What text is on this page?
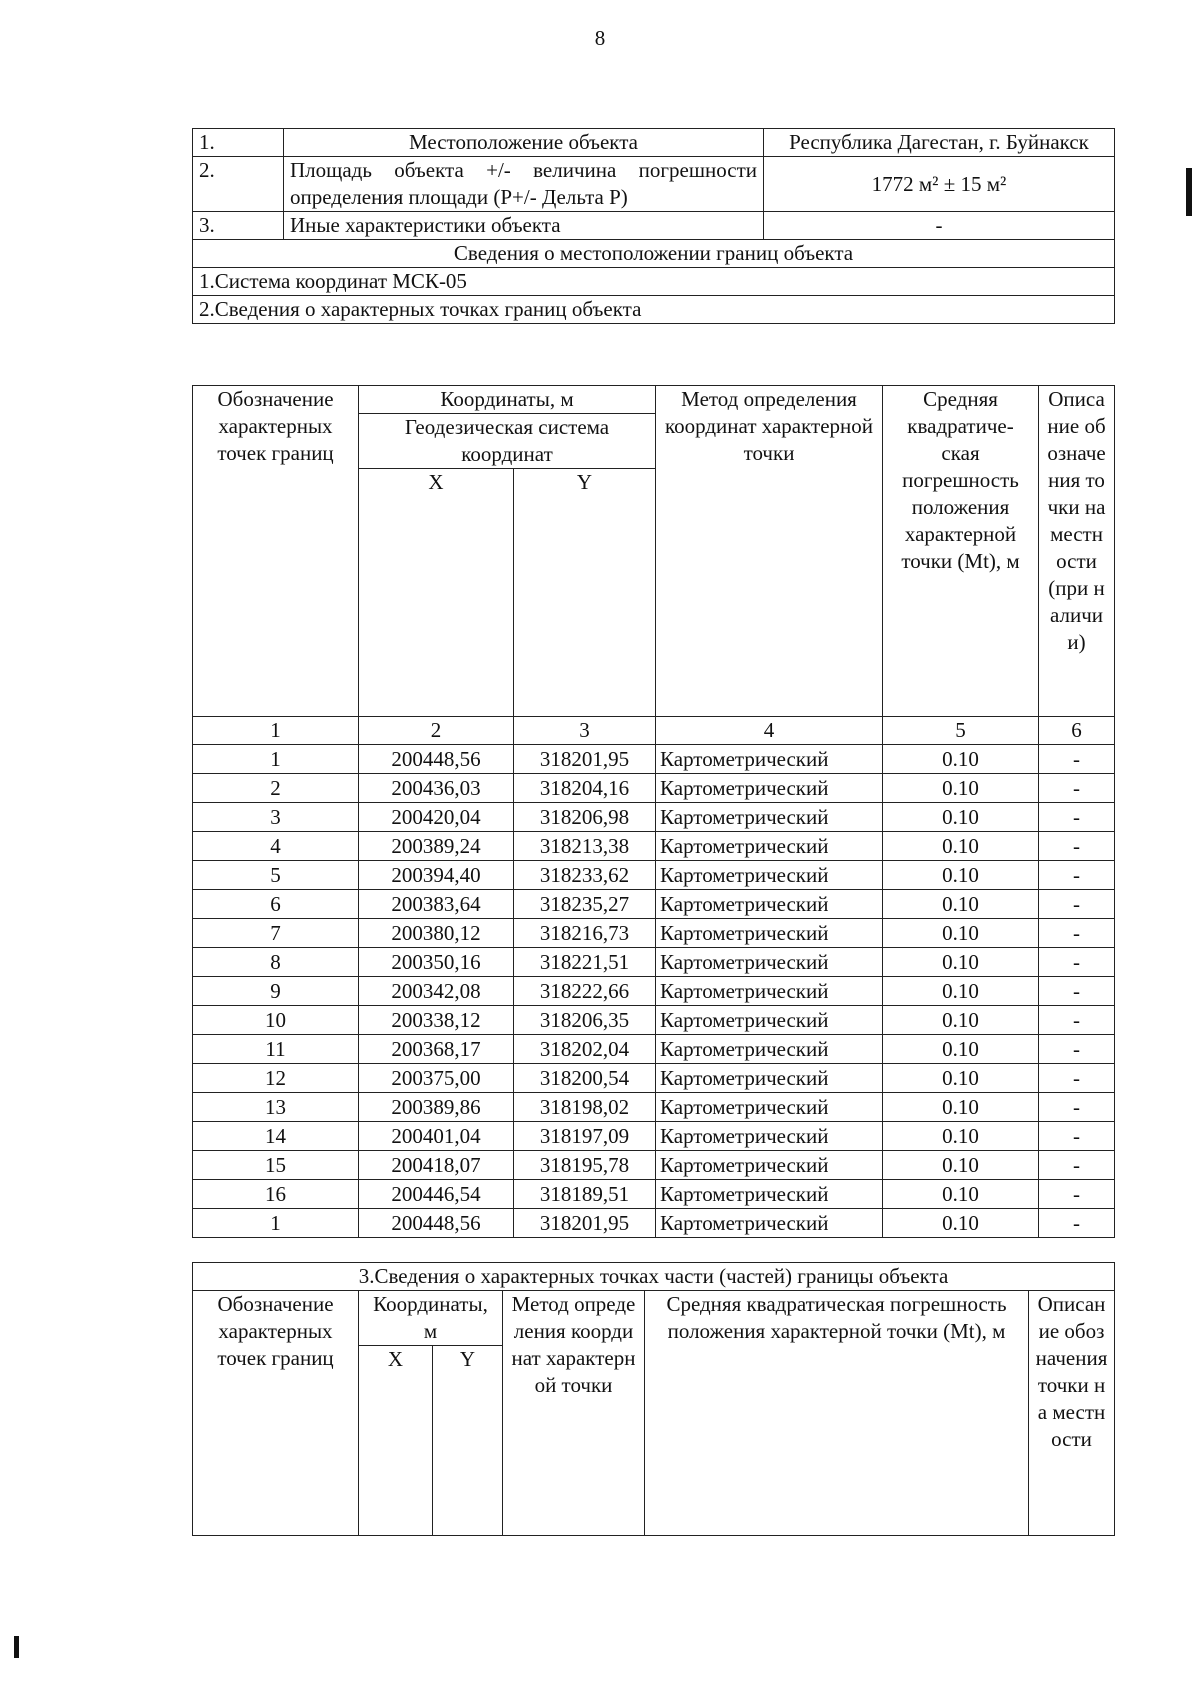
8
1.	Местоположение объекта	Республика Дагестан, г. Буйнакск
2.	Площадь объекта +/- величина погрешности определения площади (Р+/- Дельта Р)	1772 м² ± 15 м²
3.	Иные характеристики объекта	-
Сведения о местоположении границ объекта		
1.Система координат МСК-05		
2.Сведения о характерных точках границ объекта		
Обозначение характерных точек границ	Координаты, м		Метод определения координат характерной точки	Средняя квадратиче-ская погрешность положения характерной точки (Mt), м	Описание обозначения точки на местности (при наличии)
	Геодезическая система координат				
	X	Y			
1	2	3	4	5	6
1	200448,56	318201,95	Картометрический	0.10	-
2	200436,03	318204,16	Картометрический	0.10	-
3	200420,04	318206,98	Картометрический	0.10	-
4	200389,24	318213,38	Картометрический	0.10	-
5	200394,40	318233,62	Картометрический	0.10	-
6	200383,64	318235,27	Картометрический	0.10	-
7	200380,12	318216,73	Картометрический	0.10	-
8	200350,16	318221,51	Картометрический	0.10	-
9	200342,08	318222,66	Картометрический	0.10	-
10	200338,12	318206,35	Картометрический	0.10	-
11	200368,17	318202,04	Картометрический	0.10	-
12	200375,00	318200,54	Картометрический	0.10	-
13	200389,86	318198,02	Картометрический	0.10	-
14	200401,04	318197,09	Картометрический	0.10	-
15	200418,07	318195,78	Картометрический	0.10	-
16	200446,54	318189,51	Картометрический	0.10	-
1	200448,56	318201,95	Картометрический	0.10	-
3.Сведения о характерных точках части (частей) границы объекта					
Обозначение характерных точек границ	Координаты, м		Метод определения координат характерной точки	Средняя квадратическая погрешность положения характерной точки (Mt), м	Описание обозначения точки на местности
	X	Y			
